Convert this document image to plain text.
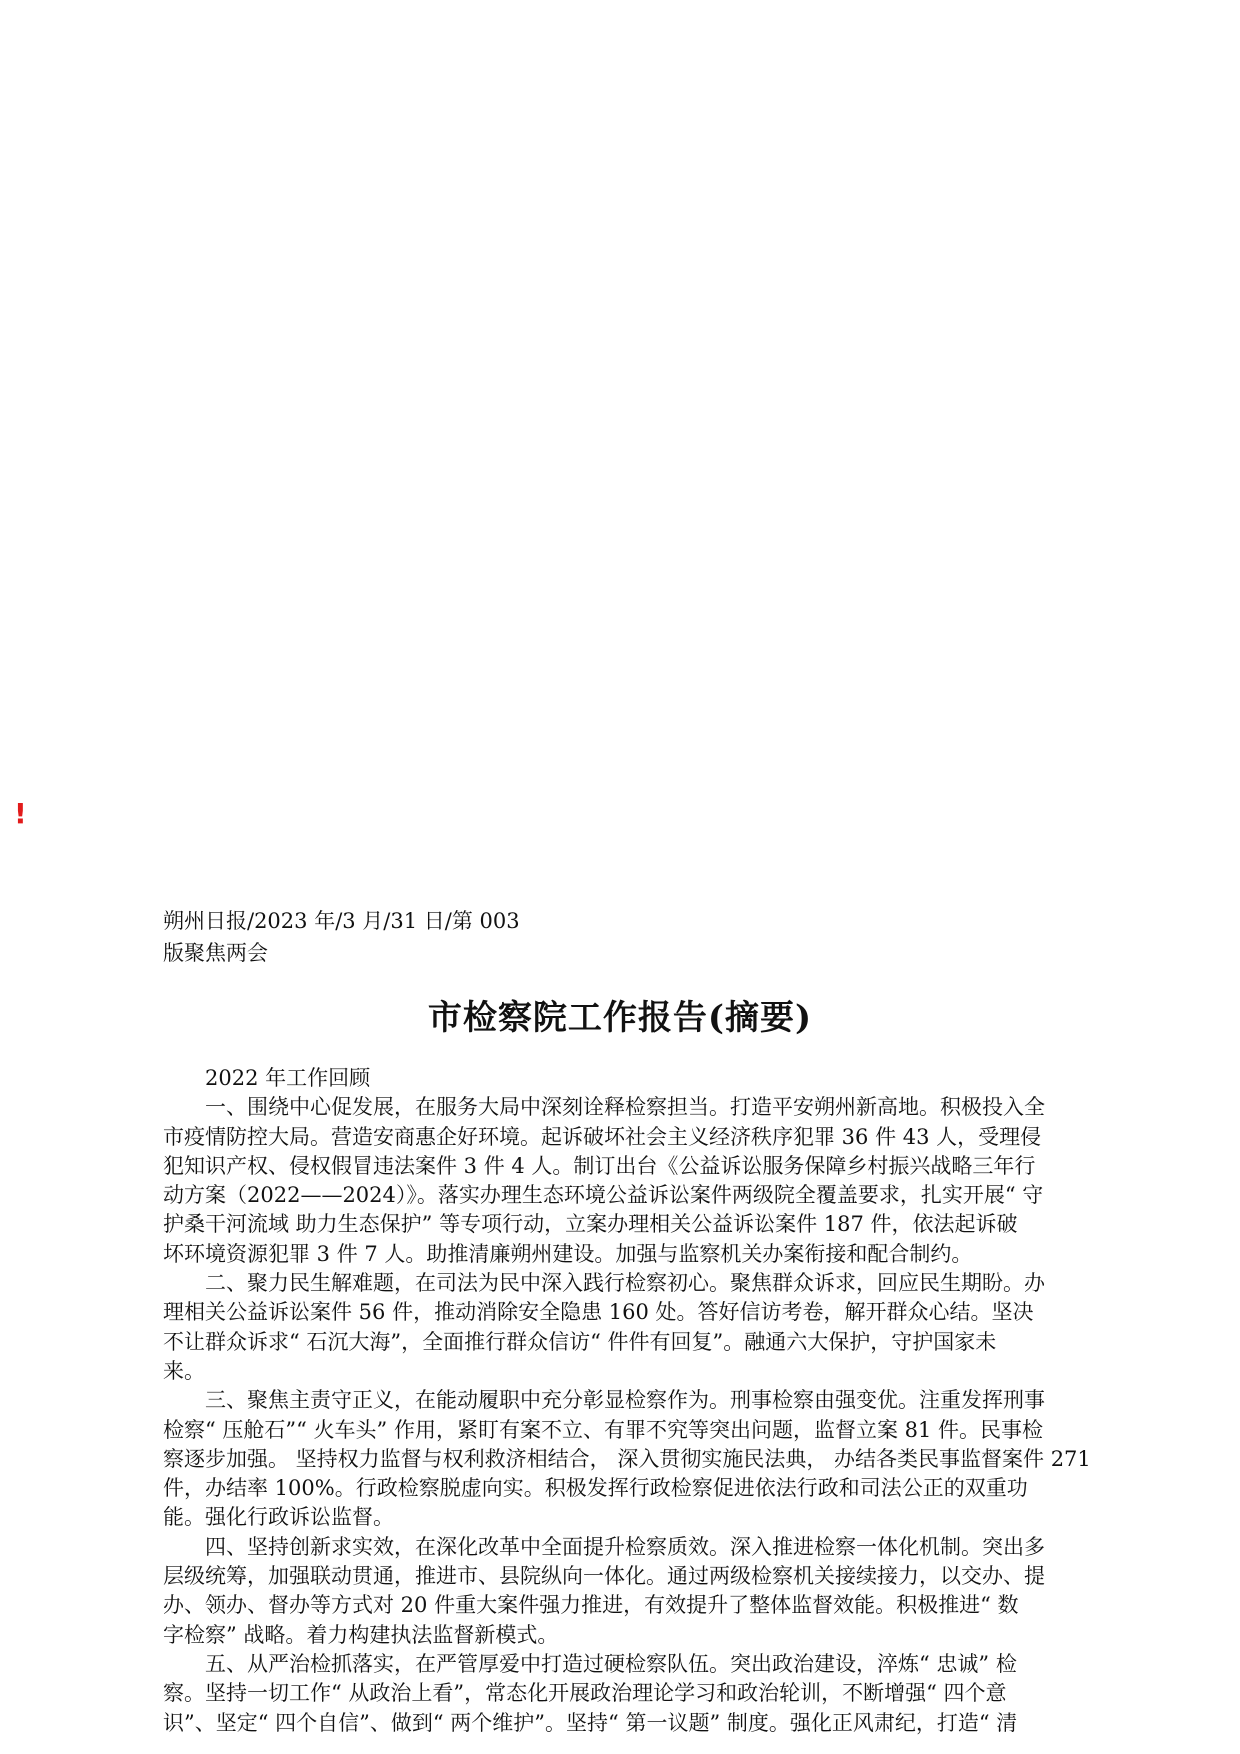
!
朔州日报/2023 年/3 月/31 日/第 003
版聚焦两会
市检察院工作报告(摘要)
2022 年工作回顾
一、围绕中心促发展，在服务大局中深刻诠释检察担当。打造平安朔州新高地。积极投入全
市疫情防控大局。营造安商惠企好环境。起诉破坏社会主义经济秩序犯罪 36 件 43 人，受理侵
犯知识产权、侵权假冒违法案件 3 件 4 人。制订出台《公益诉讼服务保障乡村振兴战略三年行
动方案（2022——2024）》。落实办理生态环境公益诉讼案件两级院全覆盖要求，扎实开展“ 守
护桑干河流域 助力生态保护” 等专项行动，立案办理相关公益诉讼案件 187 件，依法起诉破
坏环境资源犯罪 3 件 7 人。助推清廉朔州建设。加强与监察机关办案衔接和配合制约。
二、聚力民生解难题，在司法为民中深入践行检察初心。聚焦群众诉求，回应民生期盼。办
理相关公益诉讼案件 56 件，推动消除安全隐患 160 处。答好信访考卷，解开群众心结。坚决
不让群众诉求“ 石沉大海”，全面推行群众信访“ 件件有回复”。融通六大保护，守护国家未
来。
三、聚焦主责守正义，在能动履职中充分彰显检察作为。刑事检察由强变优。注重发挥刑事
检察“ 压舱石”“ 火车头” 作用，紧盯有案不立、有罪不究等突出问题，监督立案 81 件。民事检
察逐步加强。 坚持权力监督与权利救济相结合， 深入贯彻实施民法典， 办结各类民事监督案件 271
件，办结率 100%。行政检察脱虚向实。积极发挥行政检察促进依法行政和司法公正的双重功
能。强化行政诉讼监督。
四、坚持创新求实效，在深化改革中全面提升检察质效。深入推进检察一体化机制。突出多
层级统筹，加强联动贯通，推进市、县院纵向一体化。通过两级检察机关接续接力，以交办、提
办、领办、督办等方式对 20 件重大案件强力推进，有效提升了整体监督效能。积极推进“ 数
字检察” 战略。着力构建执法监督新模式。
五、从严治检抓落实，在严管厚爱中打造过硬检察队伍。突出政治建设，淬炼“ 忠诚” 检
察。坚持一切工作“ 从政治上看”，常态化开展政治理论学习和政治轮训，不断增强“ 四个意
识”、坚定“ 四个自信”、做到“ 两个维护”。坚持“ 第一议题” 制度。强化正风肃纪，打造“ 清
